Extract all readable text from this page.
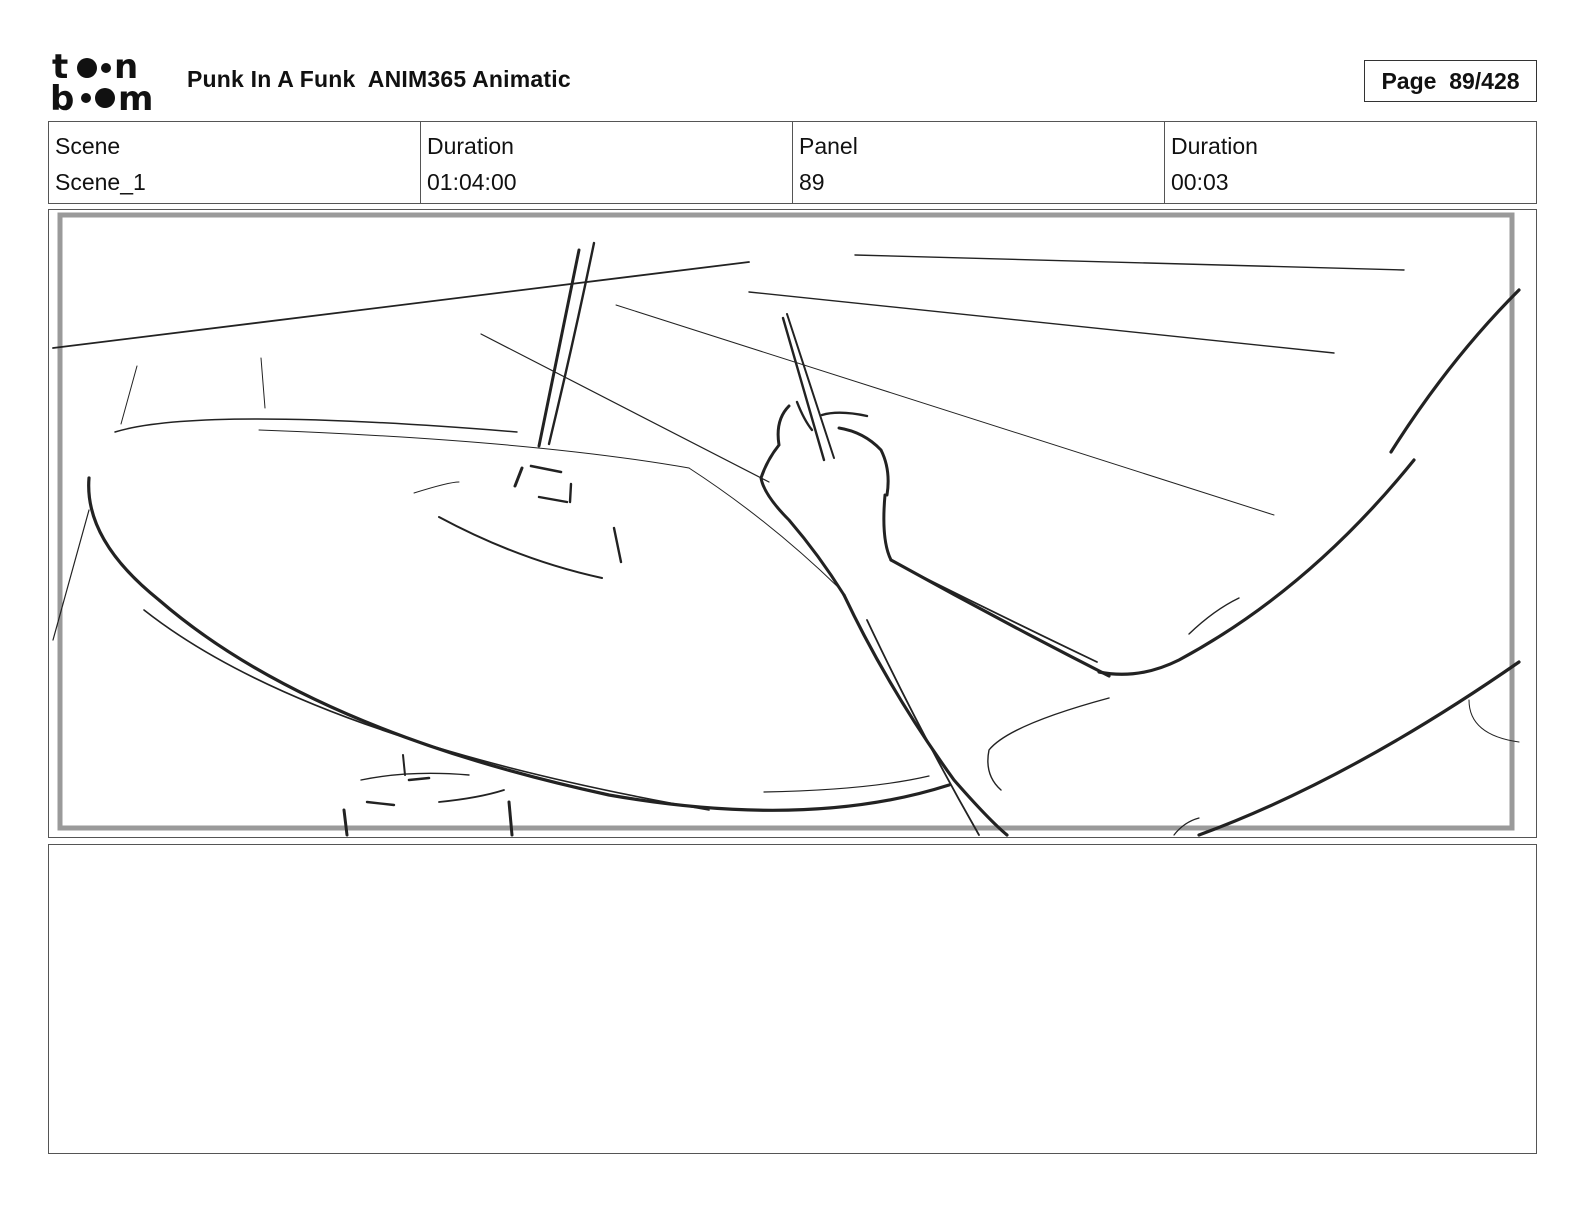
t n
b m Punk In A Funk  ANIM365 Animatic	Page  89/428
Scene
Scene_1
Duration
01:04:00
Panel
89
Duration
00:03
